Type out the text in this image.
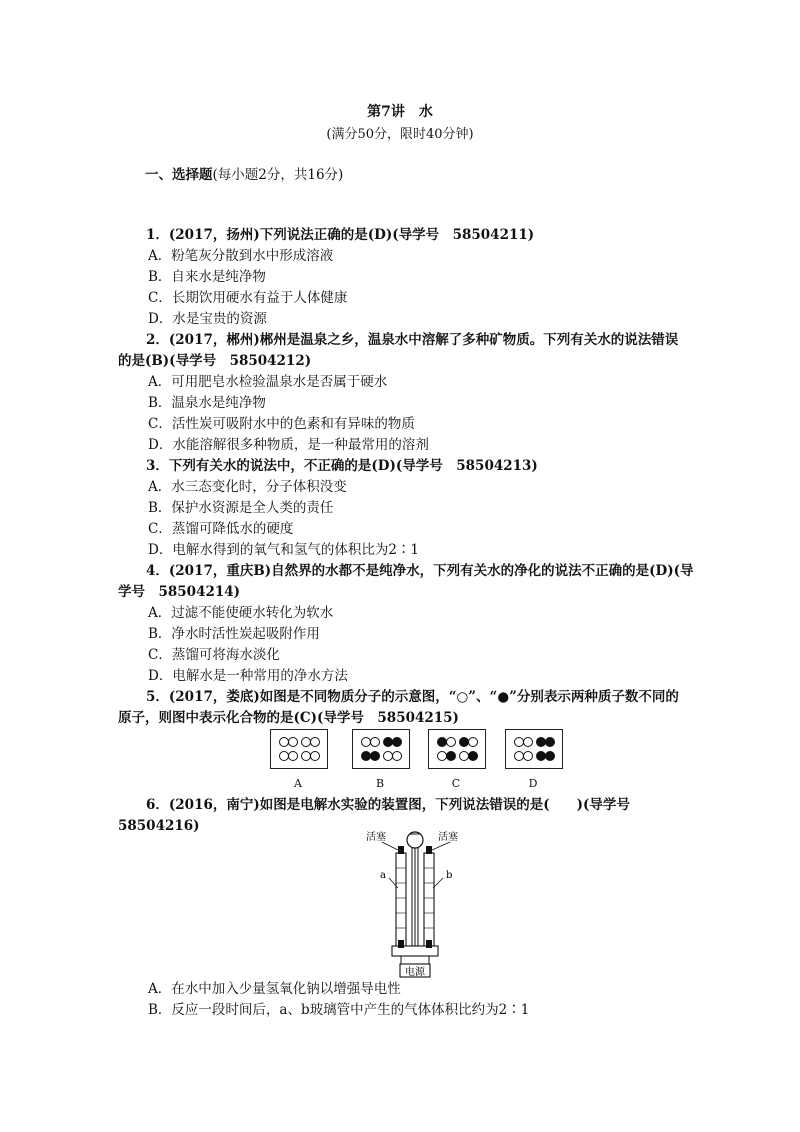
第7讲　水
(满分50分，限时40分钟)
一、选择题(每小题2分，共16分)
1．(2017，扬州)下列说法正确的是(D)(导学号　58504211)
A．粉笔灰分散到水中形成溶液
B．自来水是纯净物
C．长期饮用硬水有益于人体健康
D．水是宝贵的资源
2．(2017，郴州)郴州是温泉之乡，温泉水中溶解了多种矿物质。下列有关水的说法错误
的是(B)(导学号　58504212)
A．可用肥皂水检验温泉水是否属于硬水
B．温泉水是纯净物
C．活性炭可吸附水中的色素和有异味的物质
D．水能溶解很多种物质，是一种最常用的溶剂
3．下列有关水的说法中，不正确的是(D)(导学号　58504213)
A．水三态变化时，分子体积没变
B．保护水资源是全人类的责任
C．蒸馏可降低水的硬度
D．电解水得到的氧气和氢气的体积比为2∶1
4．(2017，重庆B)自然界的水都不是纯净水，下列有关水的净化的说法不正确的是(D)(导
学号　58504214)
A．过滤不能使硬水转化为软水
B．净水时活性炭起吸附作用
C．蒸馏可将海水淡化
D．电解水是一种常用的净水方法
5．(2017，娄底)如图是不同物质分子的示意图，“○”、“●”分别表示两种质子数不同的
原子，则图中表示化合物的是(C)(导学号　58504215)
A	B	C	D
6．(2016，南宁)如图是电解水实验的装置图，下列说法错误的是(　　)(导学号
58504216)
活塞	活塞
a	b
电源
A．在水中加入少量氢氧化钠以增强导电性
B．反应一段时间后，a、b玻璃管中产生的气体体积比约为2∶1
